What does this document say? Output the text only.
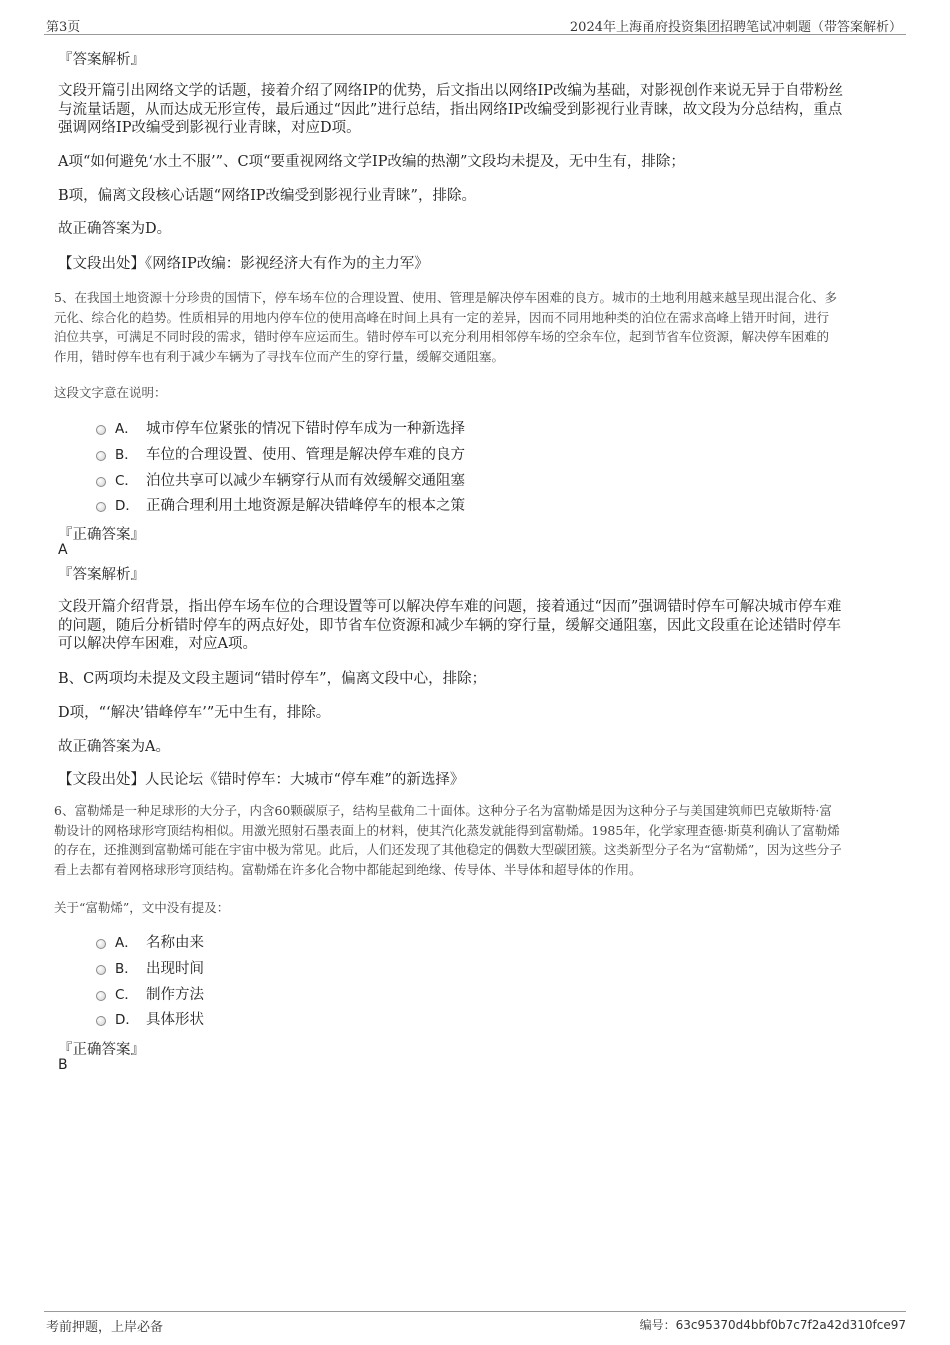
第3页	2024年上海甬府投资集团招聘笔试冲刺题（带答案解析）
『答案解析』
文段开篇引出网络文学的话题，接着介绍了网络IP的优势，后文指出以网络IP改编为基础，对影视创作来说无异于自带粉丝
与流量话题，从而达成无形宣传，最后通过“因此”进行总结，指出网络IP改编受到影视行业青睐，故文段为分总结构，重点
强调网络IP改编受到影视行业青睐，对应D项。
A项“如何避免‘水土不服’”、C项“要重视网络文学IP改编的热潮”文段均未提及，无中生有，排除；
B项，偏离文段核心话题“网络IP改编受到影视行业青睐”，排除。
故正确答案为D。
【文段出处】《网络IP改编：影视经济大有作为的主力军》
5、在我国土地资源十分珍贵的国情下，停车场车位的合理设置、使用、管理是解决停车困难的良方。城市的土地利用越来越呈现出混合化、多
元化、综合化的趋势。性质相异的用地内停车位的使用高峰在时间上具有一定的差异，因而不同用地种类的泊位在需求高峰上错开时间，进行
泊位共享，可满足不同时段的需求，错时停车应运而生。错时停车可以充分利用相邻停车场的空余车位，起到节省车位资源，解决停车困难的
作用，错时停车也有利于减少车辆为了寻找车位而产生的穿行量，缓解交通阻塞。
这段文字意在说明：
A． 城市停车位紧张的情况下错时停车成为一种新选择
B． 车位的合理设置、使用、管理是解决停车难的良方
C． 泊位共享可以减少车辆穿行从而有效缓解交通阻塞
D． 正确合理利用土地资源是解决错峰停车的根本之策
『正确答案』
A
『答案解析』
文段开篇介绍背景，指出停车场车位的合理设置等可以解决停车难的问题，接着通过“因而”强调错时停车可解决城市停车难
的问题，随后分析错时停车的两点好处，即节省车位资源和减少车辆的穿行量，缓解交通阻塞，因此文段重在论述错时停车
可以解决停车困难，对应A项。
B、C两项均未提及文段主题词“错时停车”，偏离文段中心，排除；
D项，“‘解决’错峰停车’”无中生有，排除。
故正确答案为A。
【文段出处】人民论坛《错时停车：大城市“停车难”的新选择》
6、富勒烯是一种足球形的大分子，内含60颗碳原子，结构呈截角二十面体。这种分子名为富勒烯是因为这种分子与美国建筑师巴克敏斯特·富
勒设计的网格球形穹顶结构相似。用激光照射石墨表面上的材料，使其汽化蒸发就能得到富勒烯。1985年，化学家理查德·斯莫利确认了富勒烯
的存在，还推测到富勒烯可能在宇宙中极为常见。此后，人们还发现了其他稳定的偶数大型碳团簇。这类新型分子名为“富勒烯”，因为这些分子
看上去都有着网格球形穹顶结构。富勒烯在许多化合物中都能起到绝缘、传导体、半导体和超导体的作用。
关于“富勒烯”，文中没有提及：
A． 名称由来
B． 出现时间
C． 制作方法
D． 具体形状
『正确答案』
B
考前押题，上岸必备	编号：63c95370d4bbf0b7c7f2a42d310fce97
